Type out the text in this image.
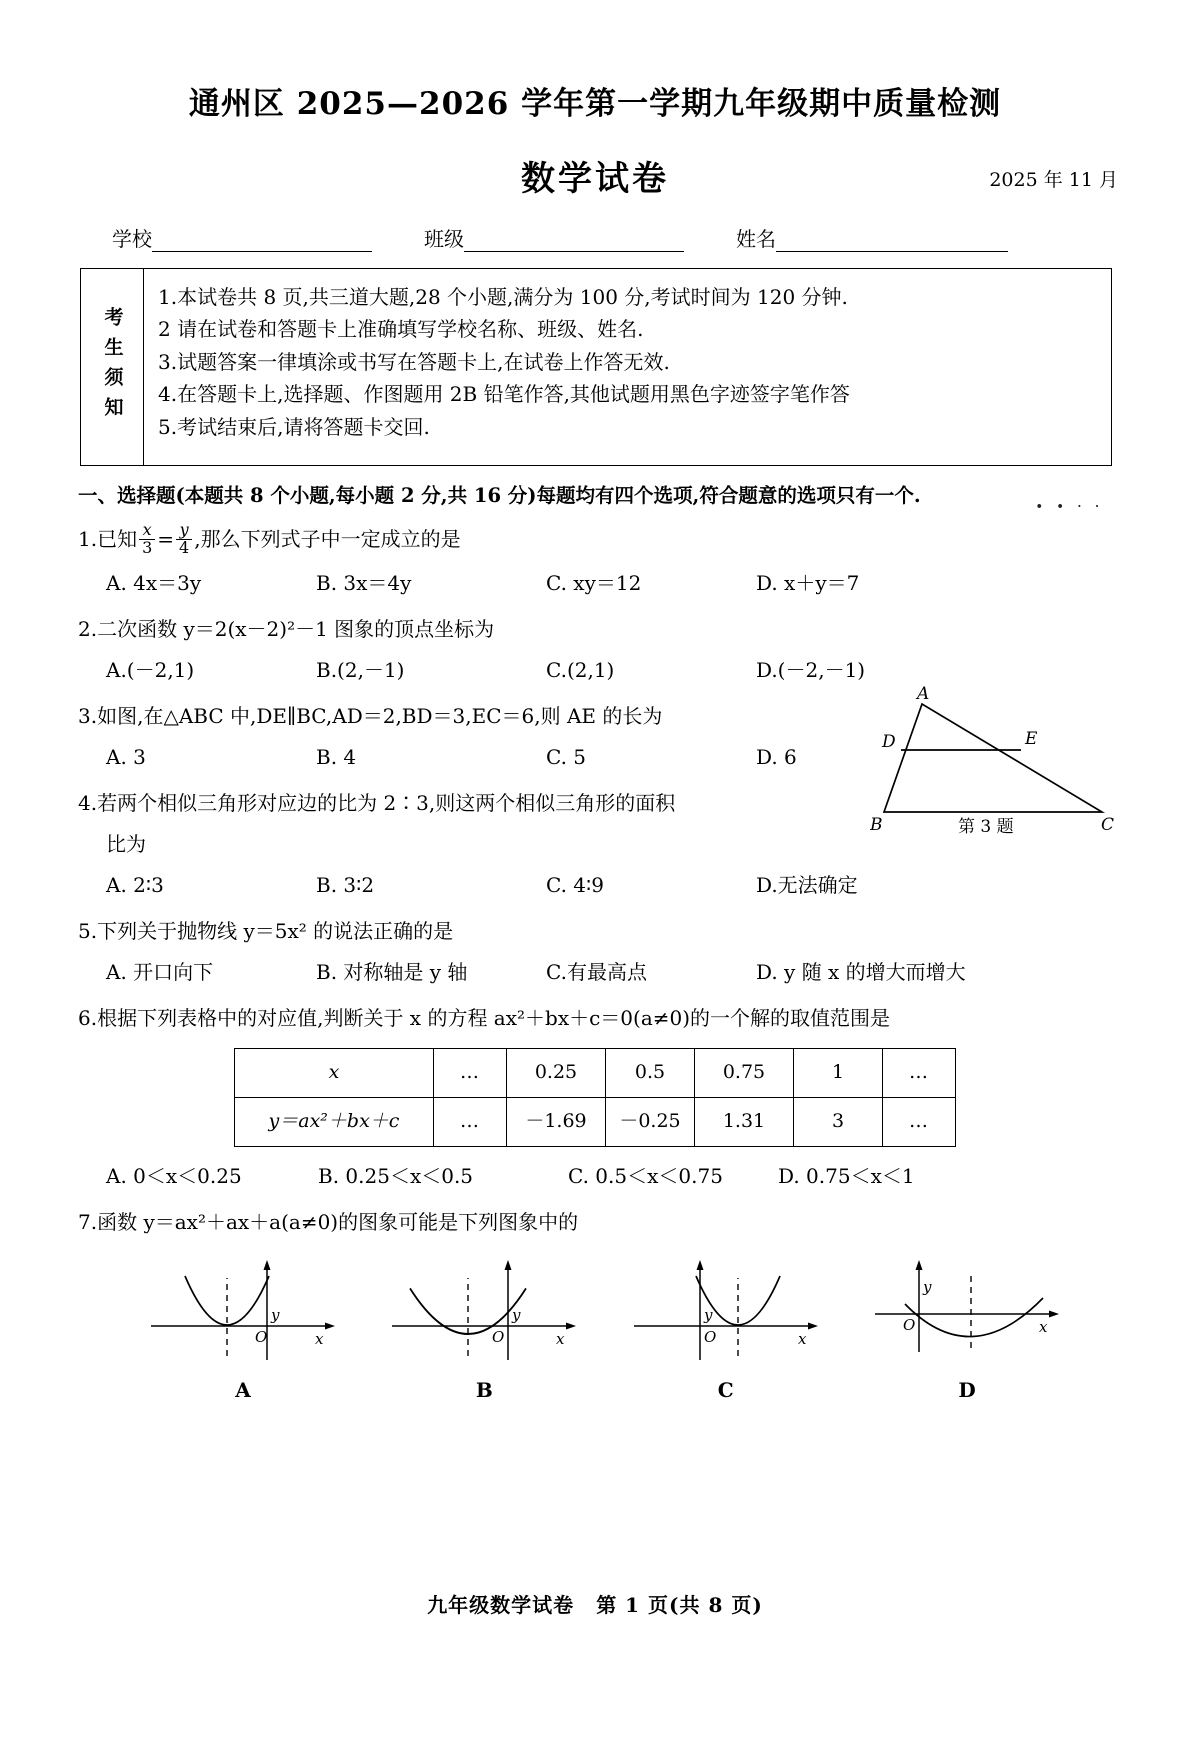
通州区 2025—2026 学年第一学期九年级期中质量检测
数学试卷	2025 年 11 月
学校	班级	姓名
考生须知
1.本试卷共 8 页,共三道大题,28 个小题,满分为 100 分,考试时间为 120 分钟.
2 请在试卷和答题卡上准确填写学校名称、班级、姓名.
3.试题答案一律填涂或书写在答题卡上,在试卷上作答无效.
4.在答题卡上,选择题、作图题用 2B 铅笔作答,其他试题用黑色字迹签字笔作答
5.考试结束后,请将答题卡交回.
一、选择题(本题共 8 个小题,每小题 2 分,共 16 分)每题均有四个选项,符合题意的选项只有一个.	• • · ·
1.已知 $\frac{x}{3} = \frac{y}{4}$ ,那么下列式子中一定成立的是
A. 4x＝3y	B. 3x＝4y	C. xy＝12	D. x＋y＝7
2.二次函数 y＝2(x－2)²－1 图象的顶点坐标为
A.(－2,1)	B.(2,－1)	C.(2,1)	D.(－2,－1)
3.如图,在△ABC 中,DE∥BC,AD＝2,BD＝3,EC＝6,则 AE 的长为
A. 3	B. 4	C. 5	D. 6
A
D	E
B	C
第 3 题
4.若两个相似三角形对应边的比为 2∶3,则这两个相似三角形的面积
比为
A. 2∶3	B. 3∶2	C. 4∶9	D.无法确定
5.下列关于抛物线 y＝5x² 的说法正确的是
A. 开口向下	B. 对称轴是 y 轴	C.有最高点	D. y 随 x 的增大而增大
6.根据下列表格中的对应值,判断关于 x 的方程 ax²＋bx＋c＝0(a≠0)的一个解的取值范围是
x	…	0.25	0.5	0.75	1	…
y＝ax²＋bx＋c	…	－1.69	－0.25	1.31	3	…
A. 0＜x＜0.25	B. 0.25＜x＜0.5	C. 0.5＜x＜0.75	D. 0.75＜x＜1
7.函数 y＝ax²＋ax＋a(a≠0)的图象可能是下列图象中的
y
O	x
A
y
O	x
B
y
O	x
C
y
O	x
D
九年级数学试卷 第 1 页(共 8 页)
